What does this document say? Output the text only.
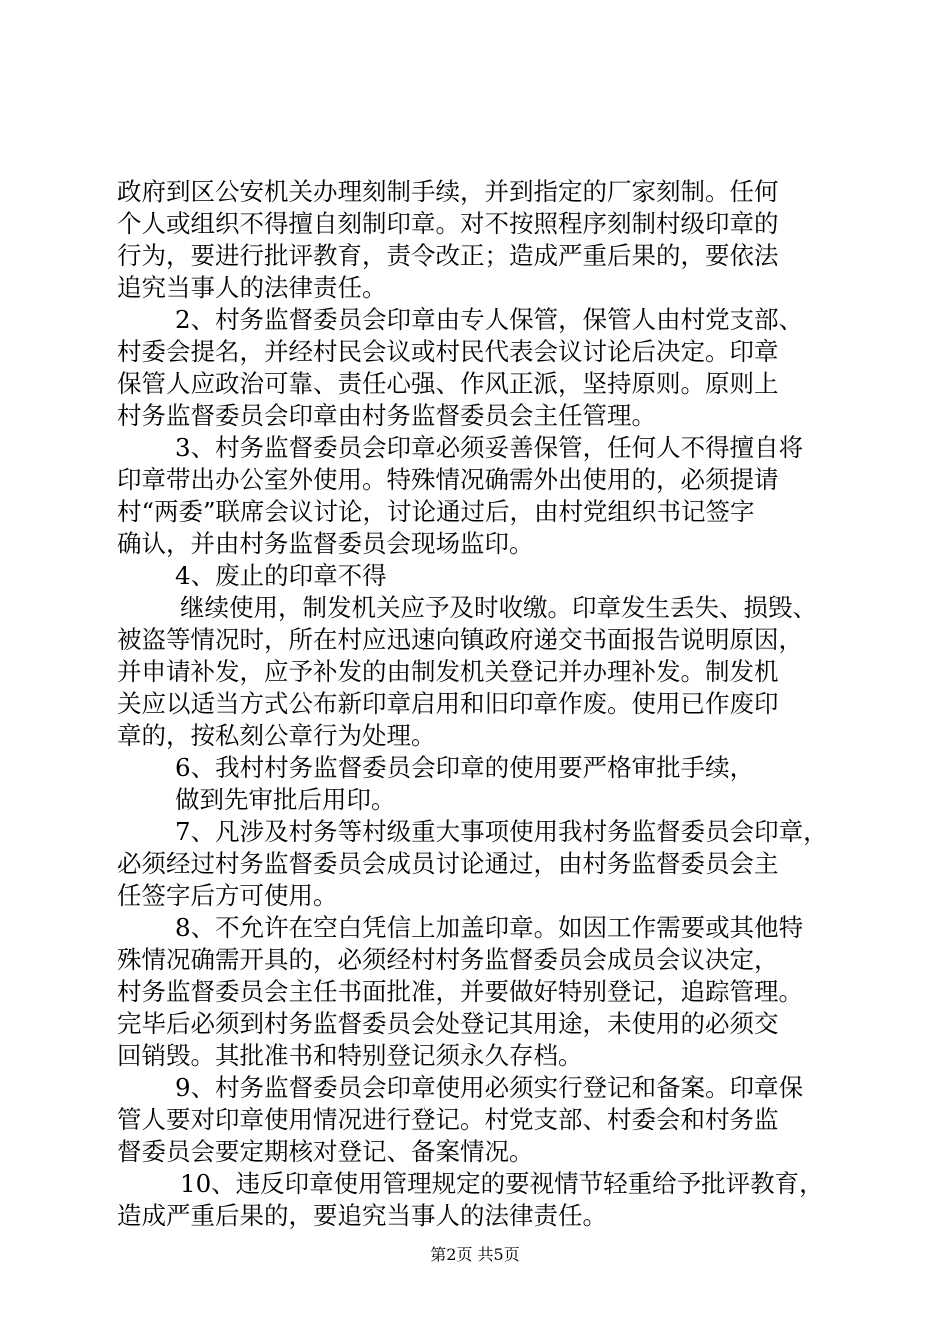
政府到区公安机关办理刻制手续，并到指定的厂家刻制。任何
个人或组织不得擅自刻制印章。对不按照程序刻制村级印章的
行为，要进行批评教育，责令改正；造成严重后果的，要依法
追究当事人的法律责任。
2、村务监督委员会印章由专人保管，保管人由村党支部、
村委会提名，并经村民会议或村民代表会议讨论后决定。印章
保管人应政治可靠、责任心强、作风正派，坚持原则。原则上
村务监督委员会印章由村务监督委员会主任管理。
3、村务监督委员会印章必须妥善保管，任何人不得擅自将
印章带出办公室外使用。特殊情况确需外出使用的，必须提请
村“两委”联席会议讨论，讨论通过后，由村党组织书记签字
确认，并由村务监督委员会现场监印。
4、废止的印章不得
继续使用，制发机关应予及时收缴。印章发生丢失、损毁、
被盗等情况时，所在村应迅速向镇政府递交书面报告说明原因，
并申请补发，应予补发的由制发机关登记并办理补发。制发机
关应以适当方式公布新印章启用和旧印章作废。使用已作废印
章的，按私刻公章行为处理。
6、我村村务监督委员会印章的使用要严格审批手续，
做到先审批后用印。
7、凡涉及村务等村级重大事项使用我村务监督委员会印章，
必须经过村务监督委员会成员讨论通过，由村务监督委员会主
任签字后方可使用。
8、不允许在空白凭信上加盖印章。如因工作需要或其他特
殊情况确需开具的，必须经村村务监督委员会成员会议决定，
村务监督委员会主任书面批准，并要做好特别登记，追踪管理。
完毕后必须到村务监督委员会处登记其用途，未使用的必须交
回销毁。其批准书和特别登记须永久存档。
9、村务监督委员会印章使用必须实行登记和备案。印章保
管人要对印章使用情况进行登记。村党支部、村委会和村务监
督委员会要定期核对登记、备案情况。
10、违反印章使用管理规定的要视情节轻重给予批评教育，
造成严重后果的，要追究当事人的法律责任。
第2页 共5页
